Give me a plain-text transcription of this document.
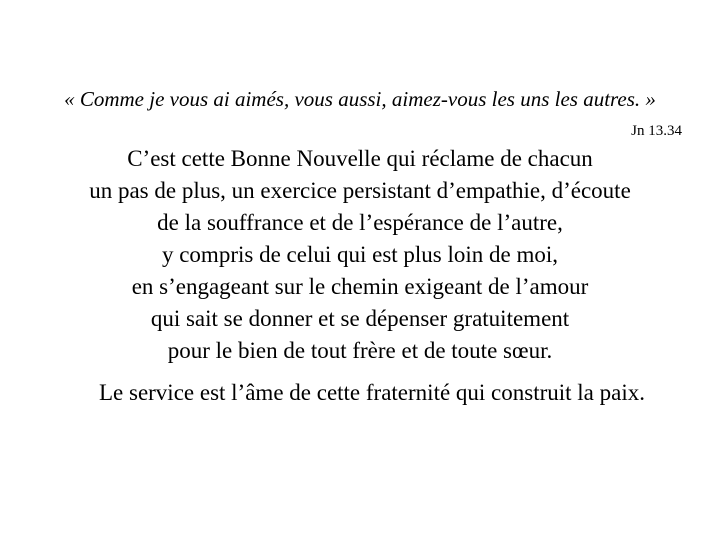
« Comme je vous ai aimés, vous aussi, aimez-vous les uns les autres. »
Jn 13.34
C’est cette Bonne Nouvelle qui réclame de chacun
un pas de plus, un exercice persistant d’empathie, d’écoute
de la souffrance et de l’espérance de l’autre,
y compris de celui qui est plus loin de moi,
en s’engageant sur le chemin exigeant de l’amour
qui sait se donner et se dépenser gratuitement
pour le bien de tout frère et de toute sœur.
Le service est l’âme de cette fraternité qui construit la paix.
